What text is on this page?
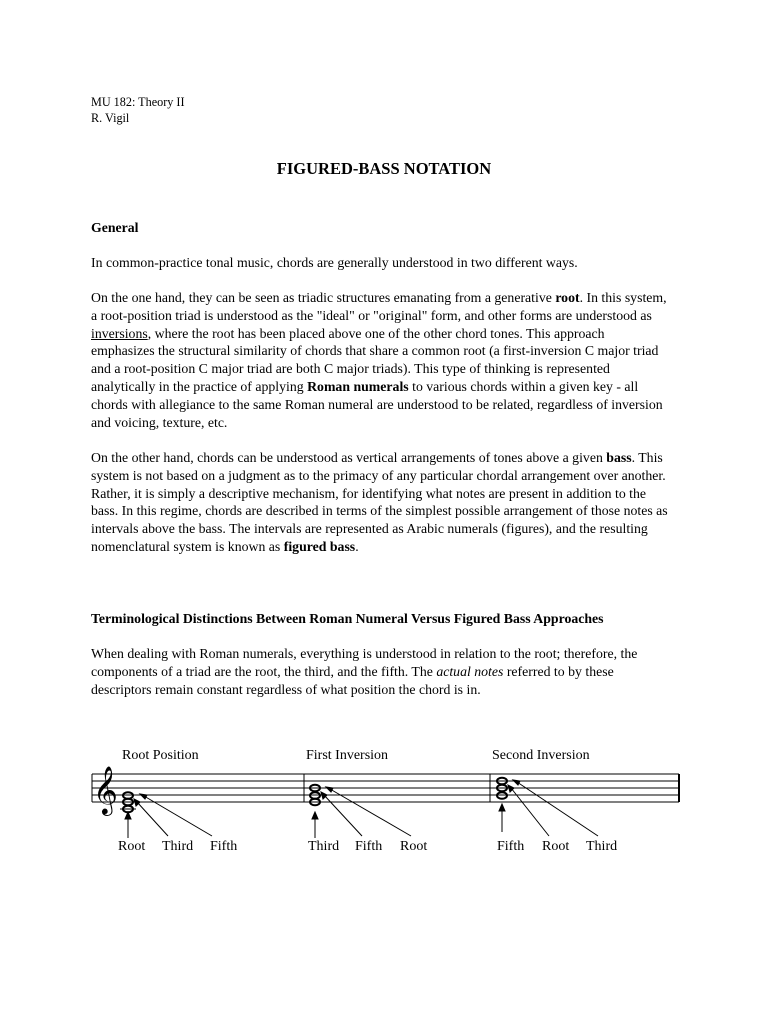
MU 182: Theory II
R. Vigil
FIGURED-BASS NOTATION
General

In common-practice tonal music, chords are generally understood in two different ways.

On the one hand, they can be seen as triadic structures emanating from a generative root. In this system, a root-position triad is understood as the "ideal" or "original" form, and other forms are understood as inversions, where the root has been placed above one of the other chord tones. This approach emphasizes the structural similarity of chords that share a common root (a first-inversion C major triad and a root-position C major triad are both C major triads). This type of thinking is represented analytically in the practice of applying Roman numerals to various chords within a given key - all chords with allegiance to the same Roman numeral are understood to be related, regardless of inversion and voicing, texture, etc.

On the other hand, chords can be understood as vertical arrangements of tones above a given bass. This system is not based on a judgment as to the primacy of any particular chordal arrangement over another. Rather, it is simply a descriptive mechanism, for identifying what notes are present in addition to the bass. In this regime, chords are described in terms of the simplest possible arrangement of those notes as intervals above the bass. The intervals are represented as Arabic numerals (figures), and the resulting nomenclatural system is known as figured bass.

Terminological Distinctions Between Roman Numeral Versus Figured Bass Approaches

When dealing with Roman numerals, everything is understood in relation to the root; therefore, the components of a triad are the root, the third, and the fifth. The actual notes referred to by these descriptors remain constant regardless of what position the chord is in.

Root Position	First Inversion	Second Inversion
𝄞
Root Third Fifth	Third Fifth Root	Fifth Root Third
